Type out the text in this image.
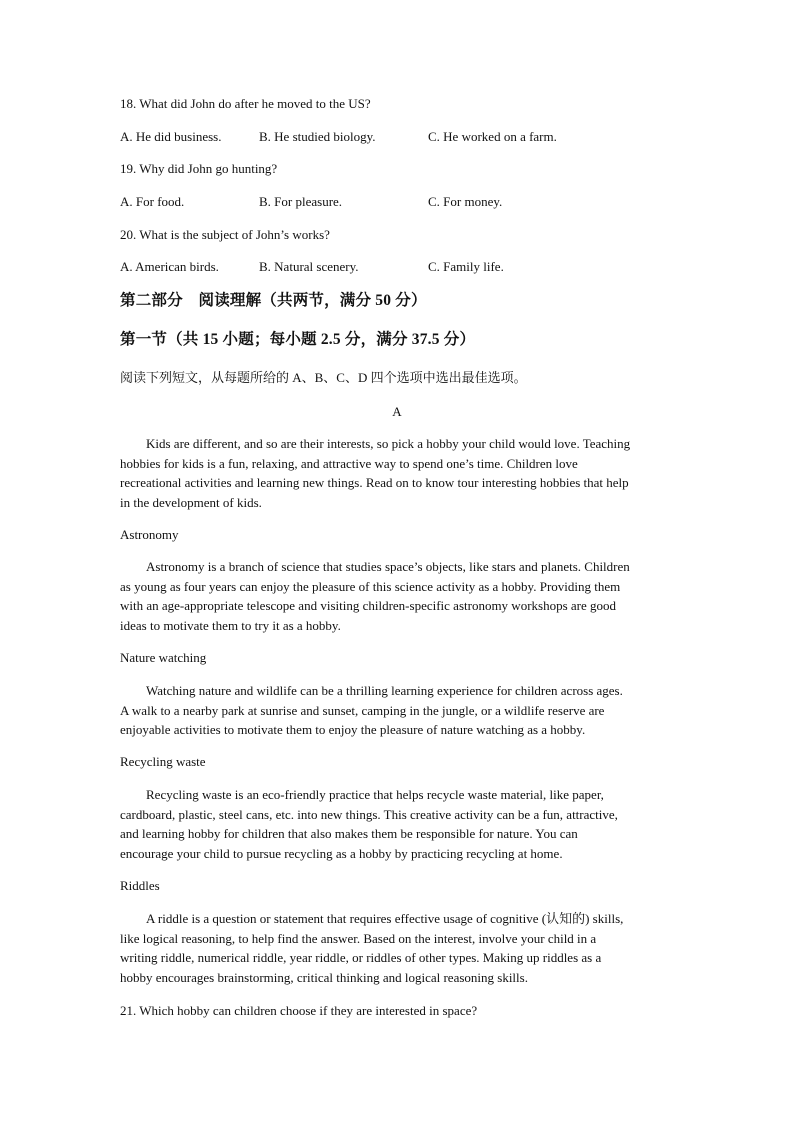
18. What did John do after he moved to the US?
A. He did business.	B. He studied biology.	C. He worked on a farm.
19. Why did John go hunting?
A. For food.	B. For pleasure.	C. For money.
20. What is the subject of John’s works?
A. American birds.	B. Natural scenery.	C. Family life.
第二部分　阅读理解（共两节，满分 50 分）
第一节（共 15 小题；每小题 2.5 分，满分 37.5 分）
阅读下列短文，从每题所给的 A、B、C、D 四个选项中选出最佳选项。
A
Kids are different, and so are their interests, so pick a hobby your child would love. Teaching
hobbies for kids is a fun, relaxing, and attractive way to spend one’s time. Children love
recreational activities and learning new things. Read on to know tour interesting hobbies that help
in the development of kids.
Astronomy
Astronomy is a branch of science that studies space’s objects, like stars and planets. Children
as young as four years can enjoy the pleasure of this science activity as a hobby. Providing them
with an age-appropriate telescope and visiting children-specific astronomy workshops are good
ideas to motivate them to try it as a hobby.
Nature watching
Watching nature and wildlife can be a thrilling learning experience for children across ages.
A walk to a nearby park at sunrise and sunset, camping in the jungle, or a wildlife reserve are
enjoyable activities to motivate them to enjoy the pleasure of nature watching as a hobby.
Recycling waste
Recycling waste is an eco-friendly practice that helps recycle waste material, like paper,
cardboard, plastic, steel cans, etc. into new things. This creative activity can be a fun, attractive,
and learning hobby for children that also makes them be responsible for nature. You can
encourage your child to pursue recycling as a hobby by practicing recycling at home.
Riddles
A riddle is a question or statement that requires effective usage of cognitive (认知的) skills,
like logical reasoning, to help find the answer. Based on the interest, involve your child in a
writing riddle, numerical riddle, year riddle, or riddles of other types. Making up riddles as a
hobby encourages brainstorming, critical thinking and logical reasoning skills.
21. Which hobby can children choose if they are interested in space?
